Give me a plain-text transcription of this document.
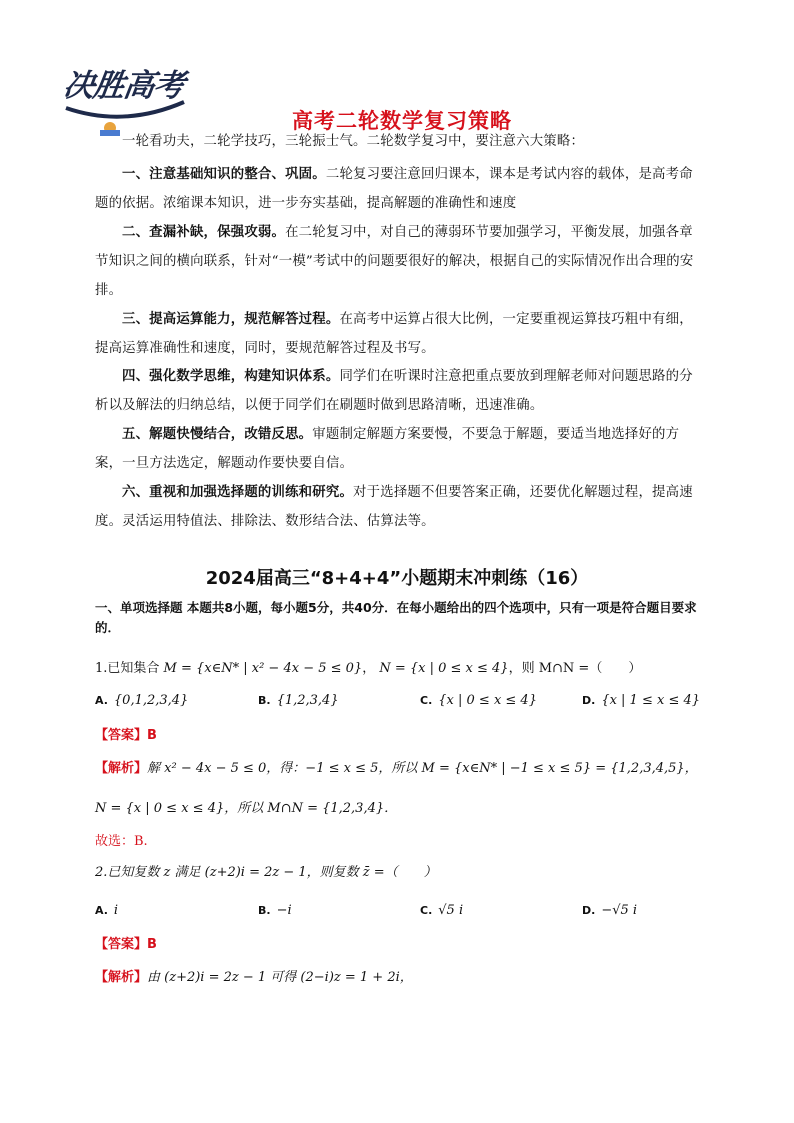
决胜高考
高考二轮数学复习策略

一轮看功夫，二轮学技巧，三轮振士气。二轮数学复习中，要注意六大策略：

一、注意基础知识的整合、巩固。二轮复习要注意回归课本，课本是考试内容的载体，是高考命题的依据。浓缩课本知识，进一步夯实基础，提高解题的准确性和速度

二、查漏补缺，保强攻弱。在二轮复习中，对自己的薄弱环节要加强学习，平衡发展，加强各章节知识之间的横向联系，针对“一模”考试中的问题要很好的解决，根据自己的实际情况作出合理的安排。

三、提高运算能力，规范解答过程。在高考中运算占很大比例，一定要重视运算技巧粗中有细，提高运算准确性和速度，同时，要规范解答过程及书写。

四、强化数学思维，构建知识体系。同学们在听课时注意把重点要放到理解老师对问题思路的分析以及解法的归纳总结，以便于同学们在刷题时做到思路清晰，迅速准确。

五、解题快慢结合，改错反思。审题制定解题方案要慢，不要急于解题，要适当地选择好的方案，一旦方法选定，解题动作要快要自信。

六、重视和加强选择题的训练和研究。对于选择题不但要答案正确，还要优化解题过程，提高速度。灵活运用特值法、排除法、数形结合法、估算法等。

2024届高三“8+4+4”小题期末冲刺练（16）

一、单项选择题 本题共8小题，每小题5分，共40分．在每小题给出的四个选项中，只有一项是符合题目要求的．

1.已知集合 M = {x∈N* | x² − 4x − 5 ≤ 0}， N = {x | 0 ≤ x ≤ 4}，则 M∩N =（　　）
A. {0,1,2,3,4}	B. {1,2,3,4}	C. {x | 0 ≤ x ≤ 4}	D. {x | 1 ≤ x ≤ 4}
【答案】B
【解析】解 x² − 4x − 5 ≤ 0，得：−1 ≤ x ≤ 5，所以 M = {x∈N* | −1 ≤ x ≤ 5} = {1,2,3,4,5}，
N = {x | 0 ≤ x ≤ 4}，所以 M∩N = {1,2,3,4}．
故选：B.
2.已知复数 z 满足 (z+2)i = 2z − 1，则复数 z̄ =（　　）
A. i	B. −i	C. √5 i	D. −√5 i
【答案】B
【解析】由 (z+2)i = 2z − 1 可得 (2−i)z = 1 + 2i，
